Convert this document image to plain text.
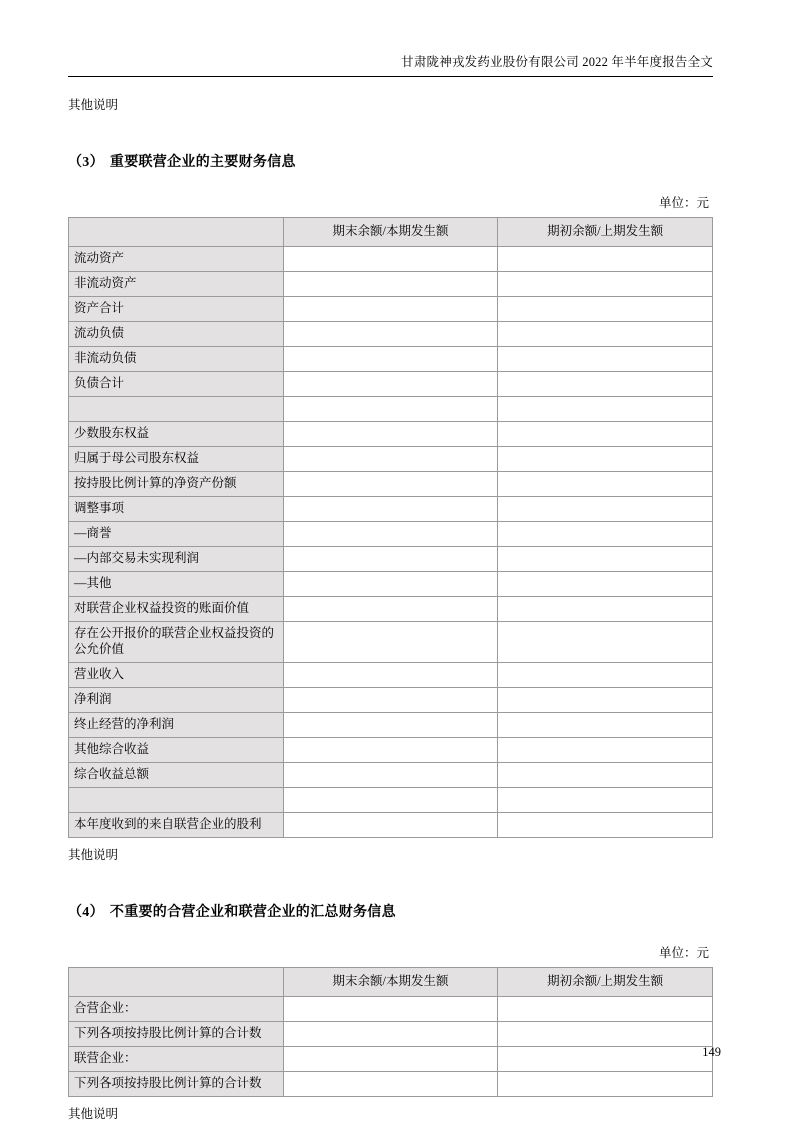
甘肃陇神戎发药业股份有限公司 2022 年半年度报告全文
其他说明
（3） 重要联营企业的主要财务信息
单位：元
	期末余额/本期发生额	期初余额/上期发生额
流动资产		
非流动资产		
资产合计		
流动负债		
非流动负债		
负债合计		

少数股东权益		
归属于母公司股东权益		
按持股比例计算的净资产份额		
调整事项		
—商誉		
—内部交易未实现利润		
—其他		
对联营企业权益投资的账面价值		
存在公开报价的联营企业权益投资的公允价值		
营业收入		
净利润		
终止经营的净利润		
其他综合收益		
综合收益总额		

本年度收到的来自联营企业的股利		
其他说明
（4） 不重要的合营企业和联营企业的汇总财务信息
单位：元
	期末余额/本期发生额	期初余额/上期发生额
合营企业：		
下列各项按持股比例计算的合计数		
联营企业：		
下列各项按持股比例计算的合计数		
其他说明
149
